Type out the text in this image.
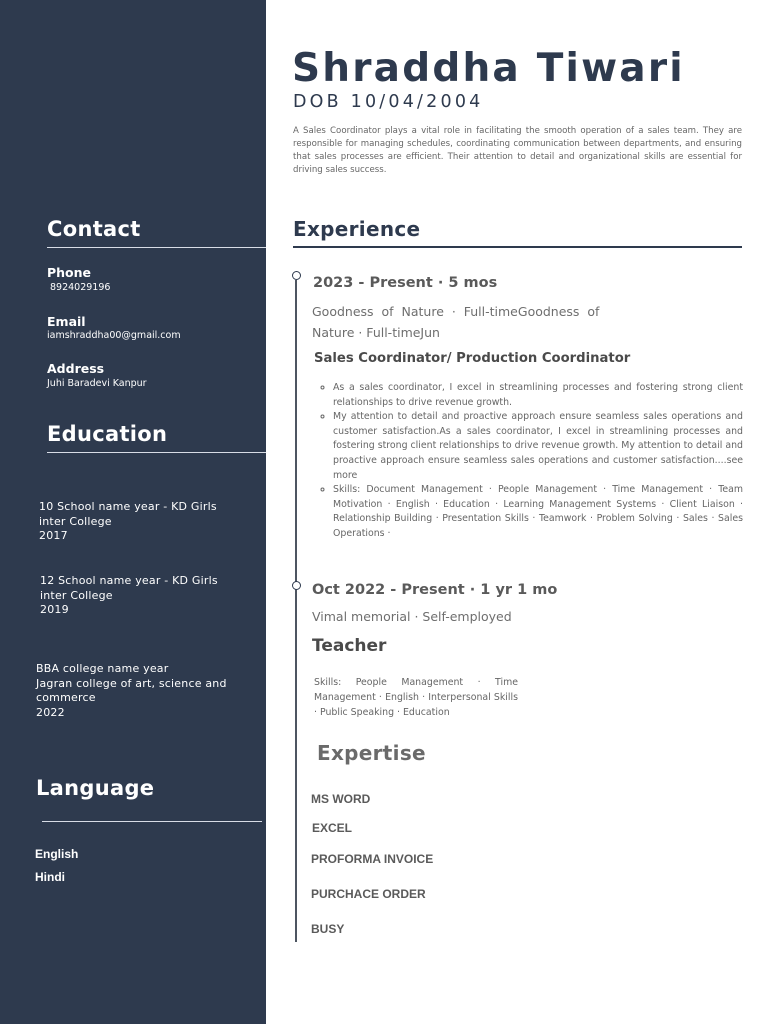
Contact
Phone
8924029196
Email
iamshraddha00@gmail.com
Address
Juhi Baradevi Kanpur
Education
10 School name year - KD Girls
inter College
2017
12 School name year - KD Girls
inter College
2019
BBA college name year
Jagran college of art, science and
commerce
2022
Language
English
Hindi
Shraddha Tiwari
DOB 10/04/2004
A Sales Coordinator plays a vital role in facilitating the smooth operation of a sales team. They are responsible for managing schedules, coordinating communication between departments, and ensuring that sales processes are efficient. Their attention to detail and organizational skills are essential for driving sales success.
Experience
2023 - Present · 5 mos
Goodness  of  Nature  ·  Full-timeGoodness  of
Nature · Full-timeJun
Sales Coordinator/ Production Coordinator
◦ As a sales coordinator, I excel in streamlining processes and fostering strong client relationships to drive revenue growth.
◦ My attention to detail and proactive approach ensure seamless sales operations and customer satisfaction.As a sales coordinator, I excel in streamlining processes and fostering strong client relationships to drive revenue growth. My attention to detail and proactive approach ensure seamless sales operations and customer satisfaction....see more
◦ Skills: Document Management · People Management · Time Management · Team Motivation · English · Education · Learning Management Systems · Client Liaison · Relationship Building · Presentation Skills · Teamwork · Problem Solving · Sales · Sales Operations ·
Oct 2022 - Present · 1 yr 1 mo
Vimal memorial · Self-employed
Teacher
Skills: People Management · Time Management · English · Interpersonal Skills · Public Speaking · Education
Expertise
MS WORD
EXCEL
PROFORMA INVOICE
PURCHACE ORDER
BUSY
